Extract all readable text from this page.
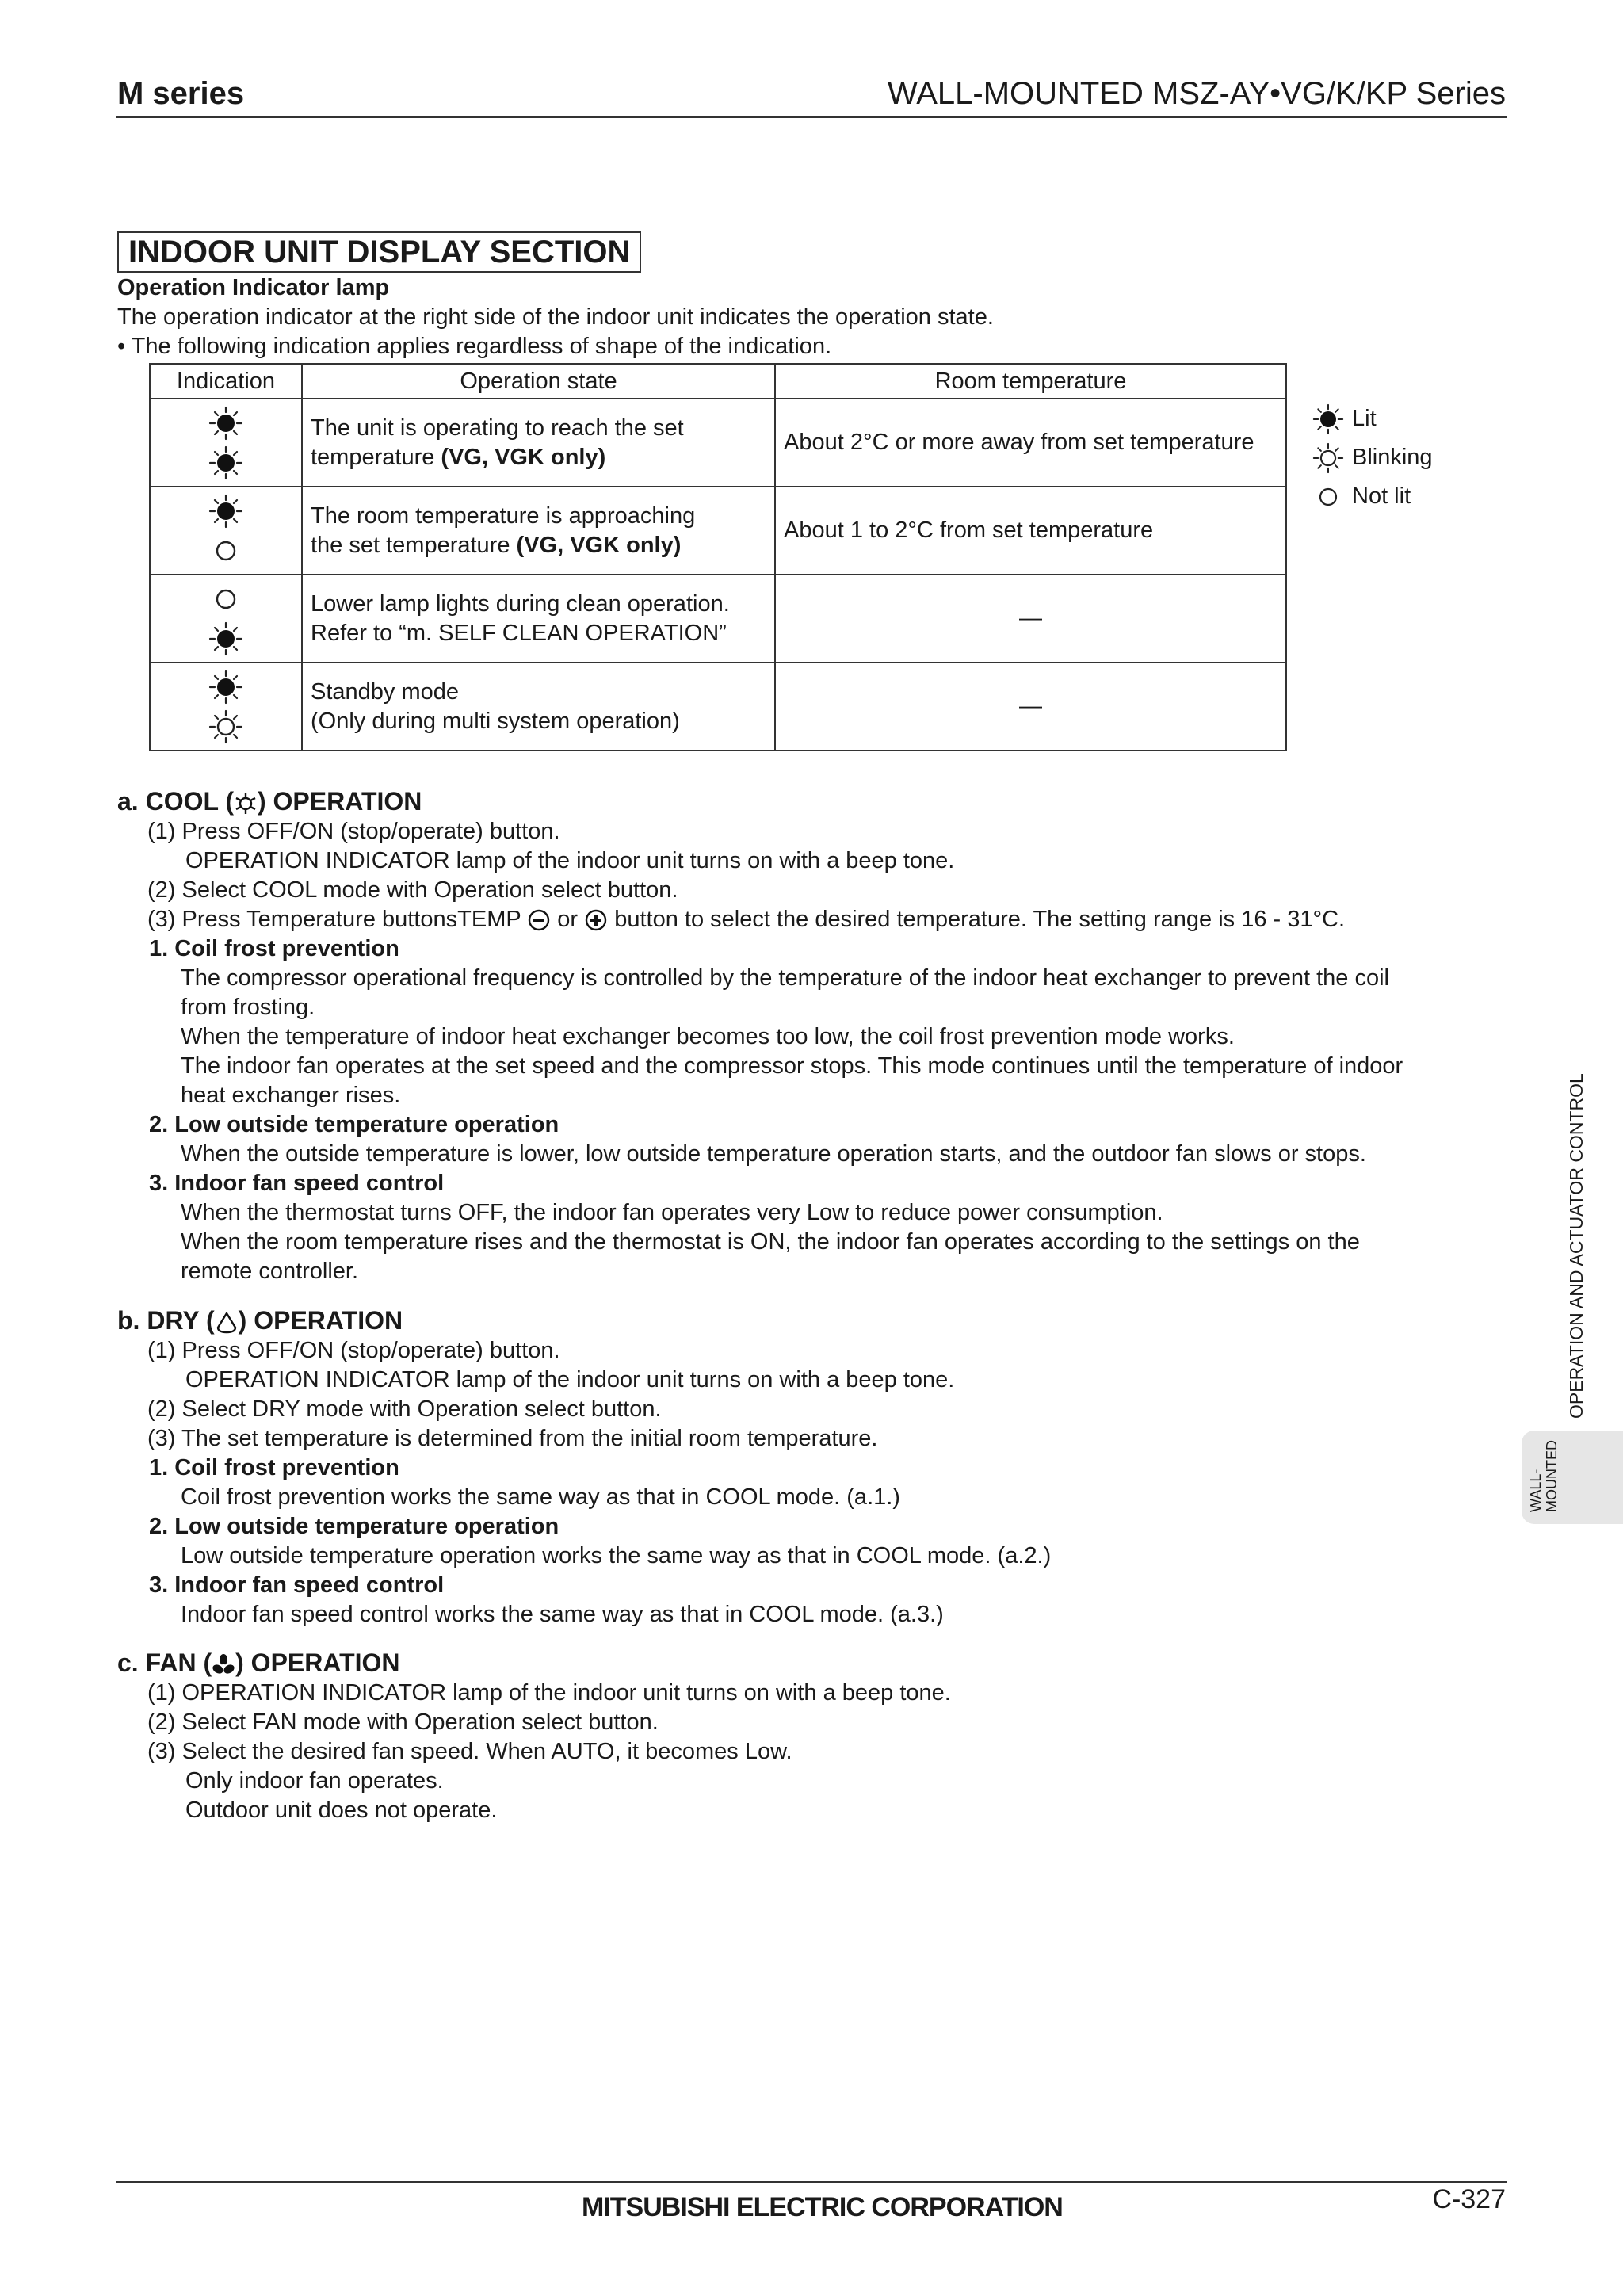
M series	WALL-MOUNTED MSZ-AY•VG/K/KP Series
INDOOR UNIT DISPLAY SECTION
Operation Indicator lamp
The operation indicator at the right side of the indoor unit indicates the operation state.
• The following indication applies regardless of shape of the indication.
Indication	Operation state	Room temperature

The unit is operating to reach the set
temperature (VG, VGK only)	About 2°C or more away from set temperature

The room temperature is approaching
the set temperature (VG, VGK only)	About 1 to 2°C from set temperature

Lower lamp lights during clean operation.
Refer to “m. SELF CLEAN OPERATION”	—

Standby mode
(Only during multi system operation)	—
Lit
Blinking
Not lit
a. COOL ( ) OPERATION
(1) Press OFF/ON (stop/operate) button.
OPERATION INDICATOR lamp of the indoor unit turns on with a beep tone.
(2) Select COOL mode with Operation select button.
(3) Press Temperature buttonsTEMP  or  button to select the desired temperature. The setting range is 16 - 31°C.
1. Coil frost prevention
The compressor operational frequency is controlled by the temperature of the indoor heat exchanger to prevent the coil
from frosting.
When the temperature of indoor heat exchanger becomes too low, the coil frost prevention mode works.
The indoor fan operates at the set speed and the compressor stops. This mode continues until the temperature of indoor
heat exchanger rises.
2. Low outside temperature operation
When the outside temperature is lower, low outside temperature operation starts, and the outdoor fan slows or stops.
3. Indoor fan speed control
When the thermostat turns OFF, the indoor fan operates very Low to reduce power consumption.
When the room temperature rises and the thermostat is ON, the indoor fan operates according to the settings on the
remote controller.
b. DRY ( ) OPERATION
(1) Press OFF/ON (stop/operate) button.
OPERATION INDICATOR lamp of the indoor unit turns on with a beep tone.
(2) Select DRY mode with Operation select button.
(3) The set temperature is determined from the initial room temperature.
1. Coil frost prevention
Coil frost prevention works the same way as that in COOL mode. (a.1.)
2. Low outside temperature operation
Low outside temperature operation works the same way as that in COOL mode. (a.2.)
3. Indoor fan speed control
Indoor fan speed control works the same way as that in COOL mode. (a.3.)
c. FAN ( ) OPERATION
(1) OPERATION INDICATOR lamp of the indoor unit turns on with a beep tone.
(2) Select FAN mode with Operation select button.
(3) Select the desired fan speed. When AUTO, it becomes Low.
Only indoor fan operates.
Outdoor unit does not operate.
OPERATION AND ACTUATOR CONTROL
WALL- MOUNTED
MITSUBISHI ELECTRIC CORPORATION	C-327
